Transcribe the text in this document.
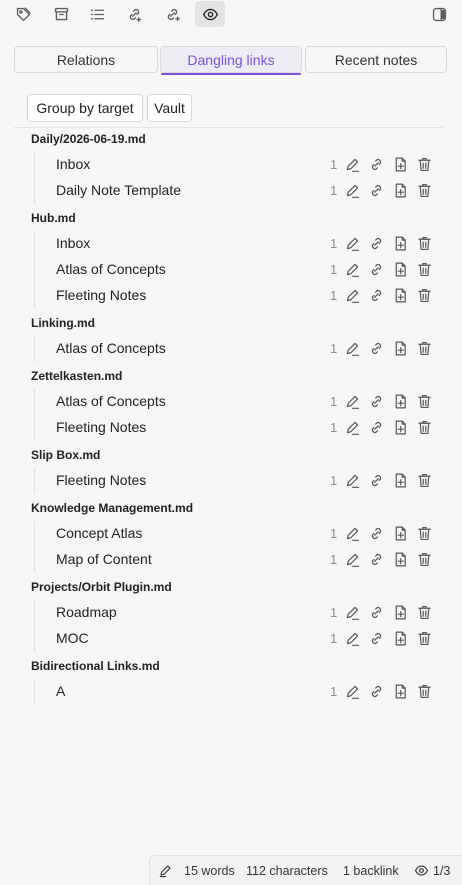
Relations	Dangling links	Recent notes
Group by target	Vault
Daily/2026-06-19.md
Inbox	1
Daily Note Template	1
Hub.md
Inbox	1
Atlas of Concepts	1
Fleeting Notes	1
Linking.md
Atlas of Concepts	1
Zettelkasten.md
Atlas of Concepts	1
Fleeting Notes	1
Slip Box.md
Fleeting Notes	1
Knowledge Management.md
Concept Atlas	1
Map of Content	1
Projects/Orbit Plugin.md
Roadmap	1
MOC	1
Bidirectional Links.md
A	1
15 words 112 characters 1 backlink	1/3
